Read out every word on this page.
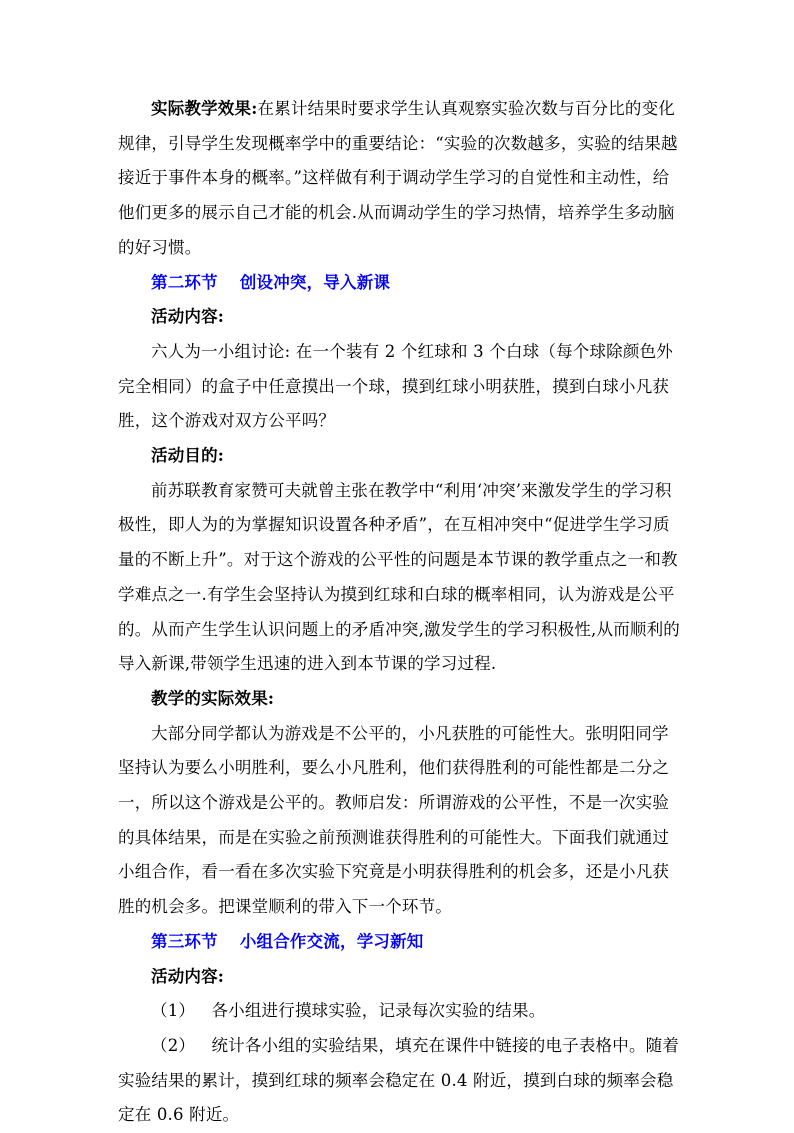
实际教学效果:在累计结果时要求学生认真观察实验次数与百分比的变化规律，引导学生发现概率学中的重要结论：“实验的次数越多，实验的结果越接近于事件本身的概率。”这样做有利于调动学生学习的自觉性和主动性，给他们更多的展示自己才能的机会.从而调动学生的学习热情，培养学生多动脑的好习惯。

第二环节 创设冲突，导入新课

活动内容:

六人为一小组讨论: 在一个装有 2 个红球和 3 个白球（每个球除颜色外完全相同）的盒子中任意摸出一个球，摸到红球小明获胜，摸到白球小凡获胜，这个游戏对双方公平吗？

活动目的:

前苏联教育家赞可夫就曾主张在教学中“利用‘冲突’来激发学生的学习积极性，即人为的为掌握知识设置各种矛盾”，在互相冲突中“促进学生学习质量的不断上升”。对于这个游戏的公平性的问题是本节课的教学重点之一和教学难点之一.有学生会坚持认为摸到红球和白球的概率相同，认为游戏是公平的。从而产生学生认识问题上的矛盾冲突,激发学生的学习积极性,从而顺利的导入新课,带领学生迅速的进入到本节课的学习过程.

教学的实际效果:

大部分同学都认为游戏是不公平的，小凡获胜的可能性大。张明阳同学坚持认为要么小明胜利，要么小凡胜利，他们获得胜利的可能性都是二分之一，所以这个游戏是公平的。教师启发：所谓游戏的公平性，不是一次实验的具体结果，而是在实验之前预测谁获得胜利的可能性大。下面我们就通过小组合作，看一看在多次实验下究竟是小明获得胜利的机会多，还是小凡获胜的机会多。把课堂顺利的带入下一个环节。

第三环节 小组合作交流，学习新知

活动内容:

（1） 各小组进行摸球实验，记录每次实验的结果。

（2） 统计各小组的实验结果，填充在课件中链接的电子表格中。随着实验结果的累计，摸到红球的频率会稳定在 0.4 附近，摸到白球的频率会稳定在 0.6 附近。
